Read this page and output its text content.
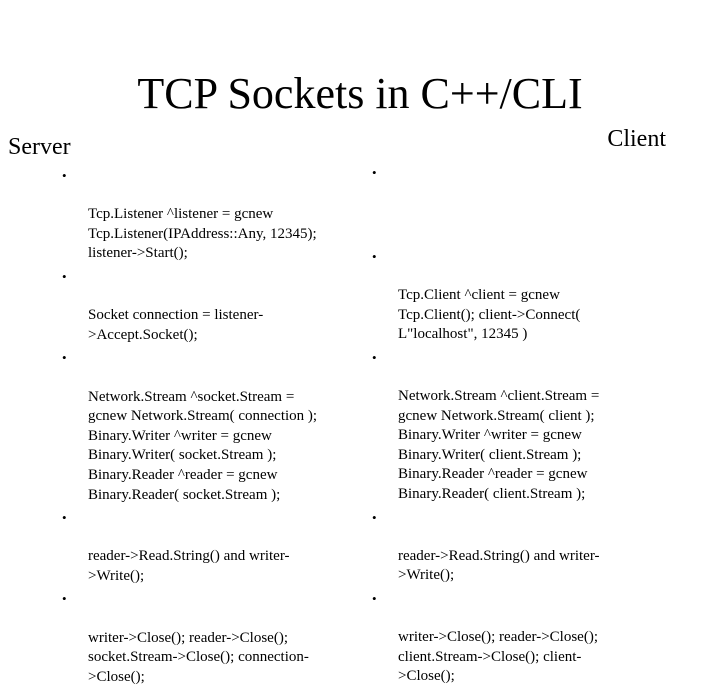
TCP Sockets in C++/CLI
Server	Client

•

Tcp.Listener ^listener = gcnew
Tcp.Listener(IPAddress::Any, 12345);
listener->Start();

•

Socket connection = listener-
>Accept.Socket();

•

Network.Stream ^socket.Stream =
gcnew Network.Stream( connection );
Binary.Writer ^writer = gcnew
Binary.Writer( socket.Stream );
Binary.Reader ^reader = gcnew
Binary.Reader( socket.Stream );

•

reader->Read.String() and writer-
>Write();

•

writer->Close(); reader->Close();
socket.Stream->Close(); connection-
>Close();

•

•

Tcp.Client ^client = gcnew
Tcp.Client(); client->Connect(
L"localhost", 12345 )

•

Network.Stream ^client.Stream =
gcnew Network.Stream( client );
Binary.Writer ^writer = gcnew
Binary.Writer( client.Stream );
Binary.Reader ^reader = gcnew
Binary.Reader( client.Stream );

•

reader->Read.String() and writer-
>Write();

•

writer->Close(); reader->Close();
client.Stream->Close(); client-
>Close();
